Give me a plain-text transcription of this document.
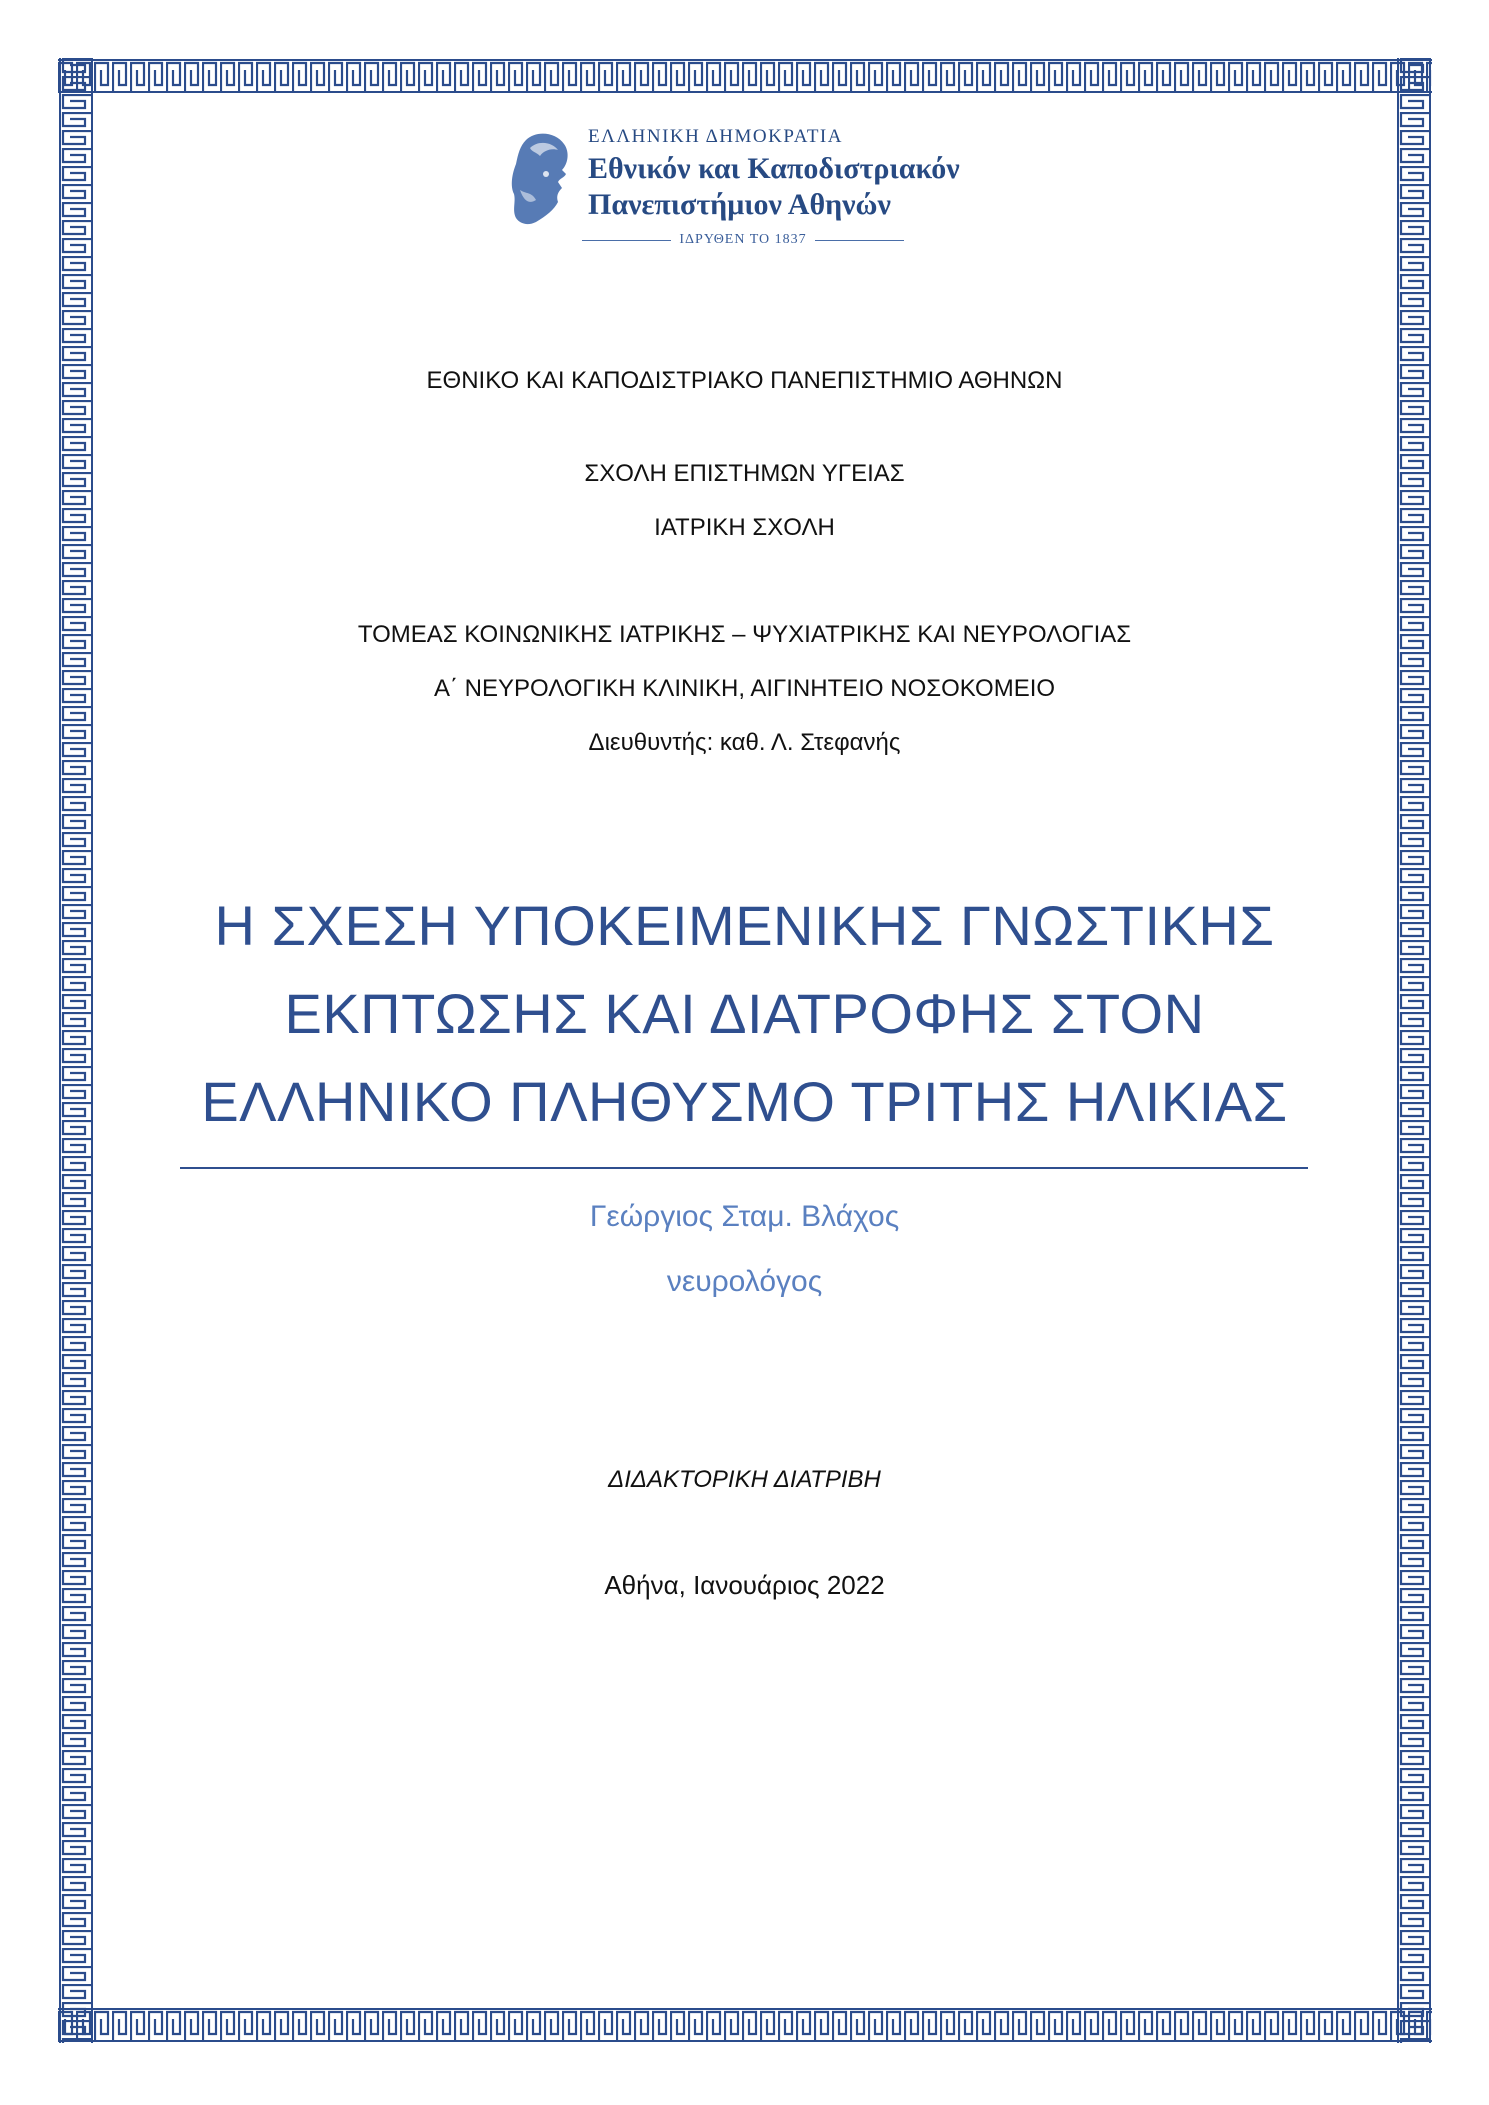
ΕΛΛΗΝΙΚΗ ΔΗΜΟΚΡΑΤΙΑ
Εθνικόν και Καποδιστριακόν
Πανεπιστήμιον Αθηνών
ΙΔΡΥΘΕΝ ΤΟ 1837
ΕΘΝΙΚΟ ΚΑΙ ΚΑΠΟΔΙΣΤΡΙΑΚΟ ΠΑΝΕΠΙΣΤΗΜΙΟ ΑΘΗΝΩΝ
ΣΧΟΛΗ ΕΠΙΣΤΗΜΩΝ ΥΓΕΙΑΣ
ΙΑΤΡΙΚΗ ΣΧΟΛΗ
ΤΟΜΕΑΣ ΚΟΙΝΩΝΙΚΗΣ ΙΑΤΡΙΚΗΣ – ΨΥΧΙΑΤΡΙΚΗΣ ΚΑΙ ΝΕΥΡΟΛΟΓΙΑΣ
Α΄ ΝΕΥΡΟΛΟΓΙΚΗ ΚΛΙΝΙΚΗ, ΑΙΓΙΝΗΤΕΙΟ ΝΟΣΟΚΟΜΕΙΟ
Διευθυντής: καθ. Λ. Στεφανής
Η ΣΧΕΣΗ ΥΠΟΚΕΙΜΕΝΙΚΗΣ ΓΝΩΣΤΙΚΗΣ
ΕΚΠΤΩΣΗΣ ΚΑΙ ΔΙΑΤΡΟΦΗΣ ΣΤΟΝ
ΕΛΛΗΝΙΚΟ ΠΛΗΘΥΣΜΟ ΤΡΙΤΗΣ ΗΛΙΚΙΑΣ
Γεώργιος Σταμ. Βλάχος
νευρολόγος
ΔΙΔΑΚΤΟΡΙΚΗ ΔΙΑΤΡΙΒΗ
Αθήνα, Ιανουάριος 2022
